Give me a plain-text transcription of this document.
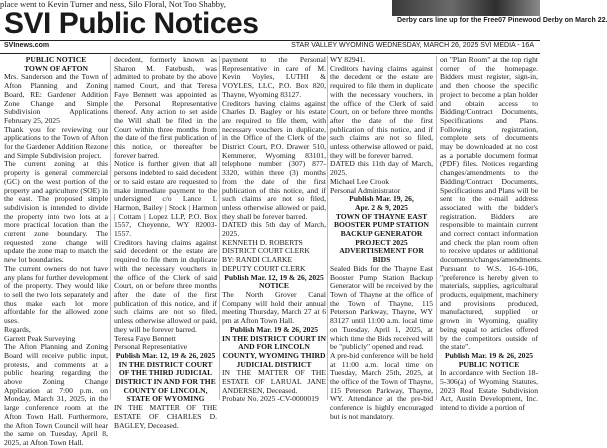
place went to Kevin Turner and ness, Silo Floral, Not Too Shabby,
Derby cars line up for the Free07 Pinewood Derby on March 22.
SVI Public Notices
SVInews.com	STAR VALLEY WYOMING WEDNESDAY, MARCH 26, 2025 SVI MEDIA - 16A

PUBLIC NOTICE

TOWN OF AFTON

Mrs. Sanderson and the Town of Afton Planning and Zoning Board, RE: Gardener Addition Zone Change and Simple Subdivision Applications February 25, 2025

Thank you for reviewing our applications to the Town of Afton for the Gardener Addition Rezone and Simple Subdivision project.

The current zoning at this property is general commercial (GC) on the west portion of the property and agriculture (SOE) in the east. The proposed simple subdivision is intended to divide the property into two lots at a more practical location than the current zone boundary. The requested zone change will update the zone map to match the new lot boundaries.

The current owners do not have any plans for further development of the property. They would like to sell the two lots separately and thus make each lot more affordable for the allowed zone uses.

Regards,

Garrett Peak Surveying

The Afton Planning and Zoning Board will receive public input, protests, and comments at a public hearing regarding the above Zoning Change Application at 7:00 p.m. on Monday, March 31, 2025, in the large conference room at the Afton Town Hall. Furthermore, the Afton Town Council will hear the same on Tuesday, April 8, 2025, at Afton Town Hall.

decedent, formerly known as Sharon M. Fatebush, was admitted to probate by the above named Court, and that Teresa Faye Bennett was appointed as the Personal Representative thereof. Any action to set aside the Will shall be filed in the Court within three months from the date of the first publication of this notice, or thereafter be forever barred.

Notice is further given that all persons indebted to said decedent or to said estate are requested to make immediate payment to the undersigned c/o Lance I. Harmon, Bailey | Stock | Harmon | Cottam | Lopez LLP, P.O. Box 1557, Cheyenne, WY 82003-1557.

Creditors having claims against said decedent or the estate are required to file them in duplicate with the necessary vouchers in the office of the Clerk of said Court, on or before three months after the date of the first publication of this notice, and if such claims are not so filed, unless otherwise allowed or paid, they will be forever barred.

Teresa Faye Bennett

Personal Representative

Publish Mar. 12, 19 & 26, 2025

IN THE DISTRICT COURT OF THE THIRD JUDICIAL DISTRICT IN AND FOR THE COUNTY OF LINCOLN, STATE OF WYOMING

IN THE MATTER OF THE ESTATE OF CHARLES D. BAGLEY, Deceased.

payment to the Personal Representative in care of M. Kevin Voyles, LUTHI & VOYLES, LLC, P.O. Box 820, Thayne, Wyoming 83127.

Creditors having claims against Charles D. Bagley or his estate are required to file them, with necessary vouchers in duplicate, in the Office of the Clerk of the District Court, P.O. Drawer 510, Kemmerer, Wyoming 83101, telephone number (307) 877-3320, within three (3) months from the date of the first publication of this notice, and if such claims are not so filed, unless otherwise allowed or paid, they shall be forever barred.

DATED this 5th day of March, 2025.

KENNETH D. ROBERTS

DISTRICT COURT CLERK

BY: RANDI CLARKE

DEPUTY COURT CLERK

Publish Mar. 12, 19 & 26, 2025

NOTICE

The North Grover Canal Company will hold their annual meeting Thursday, March 27 at 6 pm at Afton Town Hall.

Publish Mar. 19 & 26, 2025

IN THE DISTRICT COURT IN AND FOR LINCOLN COUNTY, WYOMING THIRD JUDICIAL DISTRICT

IN THE MATTER OF THE ESTATE OF LARUAL JANE ANDERSEN, Deceased.

Probate No. 2025 -CV-0000019

WY 82941.

Creditors having claims against the decedent or the estate are required to file them in duplicate with the necessary vouchers, in the office of the Clerk of said Court, on or before three months after the date of the first publication of this notice, and if such claims are not so filed, unless otherwise allowed or paid, they will be forever barred.

DATED this 11th day of March, 2025.

Michael Lee Crook

Personal Administrator

Publish Mar. 19, 26,

Apr. 2 & 9, 2025

TOWN OF THAYNE EAST BOOSTER PUMP STATION BACKUP GENERATOR PROJECT 2025 ADVERTISEMENT FOR BIDS

Sealed Bids for the Thayne East Booster Pump Station Backup Generator will be received by the Town of Thayne at the office of the Town of Thayne, 115 Peterson Parkway, Thayne, WY 83127 until 11:00 a.m. local time on Tuesday, April 1, 2025, at which time the Bids received will be "publicly" opened and read.

A pre-bid conference will be held at 11:00 a.m. local time on Tuesday, March 25th, 2025, at the office of the Town of Thayne, 115 Peterson Parkway, Thayne, WY. Attendance at the pre-bid conference is highly encouraged but is not mandatory.

on "Plan Room" at the top right corner of the homepage. Bidders must register, sign-in, and then choose the specific project to become a plan holder and obtain access to Bidding/Contract Documents, Specifications and Plans. Following registration, complete sets of documents may be downloaded at no cost as a portable document format (PDF) files. Notices regarding changes/amendments to the Bidding/Contract Documents, Specifications and Plans will be sent to the e-mail address associated with the bidder's registration. Bidders are responsible to maintain current and correct contact information and check the plan room often to receive updates or additional documents/changes/amendments.

Pursuant to W.S. 16-6-106, "preference is hereby given to materials, supplies, agricultural products, equipment, machinery and provisions produced, manufactured, supplied or grown in Wyoming, quality being equal to articles offered by the competitors outside of the state".

Publish Mar. 19 & 26, 2025

PUBLIC NOTICE

In accordance with Section 18-5-306(a) of Wyoming Statutes, 2023 Real Estate Subdivision Act, Austin Development, Inc. intend to divide a portion of
